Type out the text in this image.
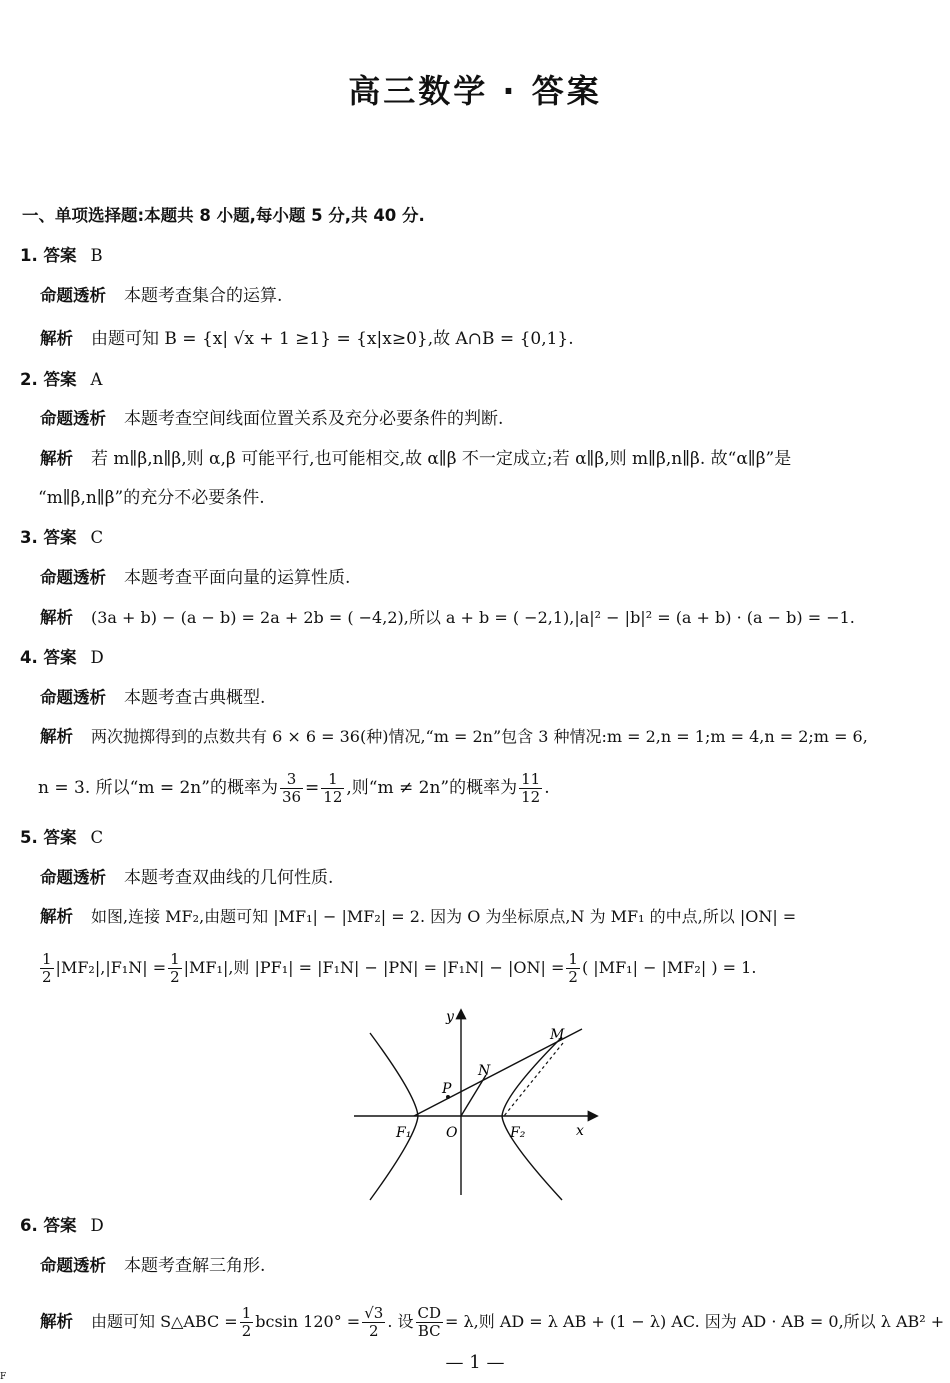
高三数学 · 答案
一、单项选择题:本题共 8 小题,每小题 5 分,共 40 分.
1. 答案 B
命题透析 本题考查集合的运算.
解析 由题可知 B = {x| √x + 1 ≥1} = {x|x≥0},故 A∩B = {0,1}.
2. 答案 A
命题透析 本题考查空间线面位置关系及充分必要条件的判断.
解析 若 m∥β,n∥β,则 α,β 可能平行,也可能相交,故 α∥β 不一定成立;若 α∥β,则 m∥β,n∥β. 故“α∥β”是
“m∥β,n∥β”的充分不必要条件.
3. 答案 C
命题透析 本题考查平面向量的运算性质.
解析 (3a + b) − (a − b) = 2a + 2b = ( −4,2),所以 a + b = ( −2,1),|a|² − |b|² = (a + b) · (a − b) = −1.
4. 答案 D
命题透析 本题考查古典概型.
解析 两次抛掷得到的点数共有 6 × 6 = 36(种)情况,“m = 2n”包含 3 种情况:m = 2,n = 1;m = 4,n = 2;m = 6,
n = 3. 所以“m = 2n”的概率为 $\frac{3}{36} = \frac{1}{12}$ ,则“m ≠ 2n”的概率为 $\frac{11}{12}$ .
5. 答案 C
命题透析 本题考查双曲线的几何性质.
解析 如图,连接 MF₂,由题可知 |MF₁| − |MF₂| = 2. 因为 O 为坐标原点,N 为 MF₁ 的中点,所以 |ON| =
$\frac{1}{2} |MF_2|,|F_1N| = \frac{1}{2} |MF_1|$,则 $|PF_1| = |F_1N| - |PN| = |F_1N| - |ON| = \frac{1}{2}$ ( |MF₁| − |MF₂| ) = 1.
y
x
O
M
N
P
F₁	F₂
6. 答案 D
命题透析 本题考查解三角形.
解析 由题可知 S△ABC = $\frac{1}{2}$ bcsin $120^\circ = \frac{√3}{2}$ . 设 $\frac{CD}{BC} = \lambda$,则 AD = λ AB + (1 − λ) AC. 因为 AD · AB = 0,所以 λ AB² +
— 1 —
F
